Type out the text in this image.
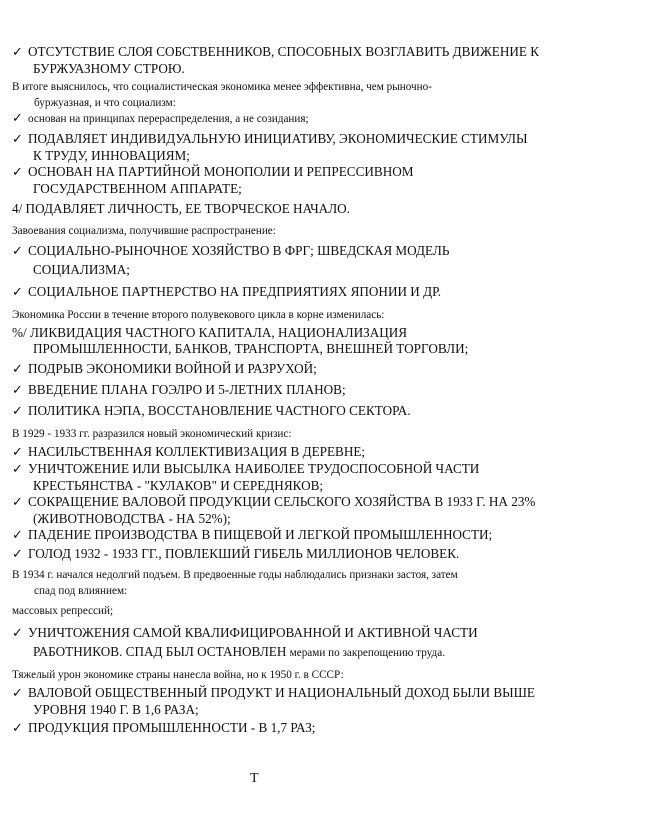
✓ ОТСУТСТВИЕ СЛОЯ СОБСТВЕННИКОВ, СПОСОБНЫХ ВОЗГЛАВИТЬ ДВИЖЕНИЕ К
БУРЖУАЗНОМУ СТРОЮ.
В итоге выяснилось, что социалистическая экономика менее эффективна, чем рыночно-
буржуазная, и что социализм:
✓ основан на принципах перераспределения, а не созидания;
✓ ПОДАВЛЯЕТ ИНДИВИДУАЛЬНУЮ ИНИЦИАТИВУ, ЭКОНОМИЧЕСКИЕ СТИМУЛЫ
К ТРУДУ, ИННОВАЦИЯМ;
✓ ОСНОВАН НА ПАРТИЙНОЙ МОНОПОЛИИ И РЕПРЕССИВНОМ
ГОСУДАРСТВЕННОМ АППАРАТЕ;
4/ ПОДАВЛЯЕТ ЛИЧНОСТЬ, ЕЕ ТВОРЧЕСКОЕ НАЧАЛО.
Завоевания социализма, получившие распространение:
✓ СОЦИАЛЬНО-РЫНОЧНОЕ ХОЗЯЙСТВО В ФРГ; ШВЕДСКАЯ МОДЕЛЬ
СОЦИАЛИЗМА;
✓ СОЦИАЛЬНОЕ ПАРТНЕРСТВО НА ПРЕДПРИЯТИЯХ ЯПОНИИ И ДР.
Экономика России в течение второго полувекового цикла в корне изменилась:
%/ ЛИКВИДАЦИЯ ЧАСТНОГО КАПИТАЛА, НАЦИОНАЛИЗАЦИЯ
ПРОМЫШЛЕННОСТИ, БАНКОВ, ТРАНСПОРТА, ВНЕШНЕЙ ТОРГОВЛИ;
✓ ПОДРЫВ ЭКОНОМИКИ ВОЙНОЙ И РАЗРУХОЙ;
✓ ВВЕДЕНИЕ ПЛАНА ГОЭЛРО И 5-ЛЕТНИХ ПЛАНОВ;
✓ ПОЛИТИКА НЭПА, ВОССТАНОВЛЕНИЕ ЧАСТНОГО СЕКТОРА.
В 1929 - 1933 гг. разразился новый экономический кризис:
✓ НАСИЛЬСТВЕННАЯ КОЛЛЕКТИВИЗАЦИЯ В ДЕРЕВНЕ;
✓ УНИЧТОЖЕНИЕ ИЛИ ВЫСЫЛКА НАИБОЛЕЕ ТРУДОСПОСОБНОЙ ЧАСТИ
КРЕСТЬЯНСТВА - "КУЛАКОВ" И СЕРЕДНЯКОВ;
✓ СОКРАЩЕНИЕ ВАЛОВОЙ ПРОДУКЦИИ СЕЛЬСКОГО ХОЗЯЙСТВА В 1933 Г. НА 23%
(ЖИВОТНОВОДСТВА - НА 52%);
✓ ПАДЕНИЕ ПРОИЗВОДСТВА В ПИЩЕВОЙ И ЛЕГКОЙ ПРОМЫШЛЕННОСТИ;
✓ ГОЛОД 1932 - 1933 ГГ., ПОВЛЕКШИЙ ГИБЕЛЬ МИЛЛИОНОВ ЧЕЛОВЕК.
В 1934 г. начался недолгий подъем. В предвоенные годы наблюдались признаки застоя, затем
спад под влиянием:
массовых репрессий;
✓ УНИЧТОЖЕНИЯ САМОЙ КВАЛИФИЦИРОВАННОЙ И АКТИВНОЙ ЧАСТИ
РАБОТНИКОВ. СПАД БЫЛ ОСТАНОВЛЕН мерами по закрепощению труда.
Тяжелый урон экономике страны нанесла война, но к 1950 г. в СССР:
✓ ВАЛОВОЙ ОБЩЕСТВЕННЫЙ ПРОДУКТ И НАЦИОНАЛЬНЫЙ ДОХОД БЫЛИ ВЫШЕ
УРОВНЯ 1940 Г. В 1,6 РАЗА;
✓ ПРОДУКЦИЯ ПРОМЫШЛЕННОСТИ - В 1,7 РАЗ;
T
